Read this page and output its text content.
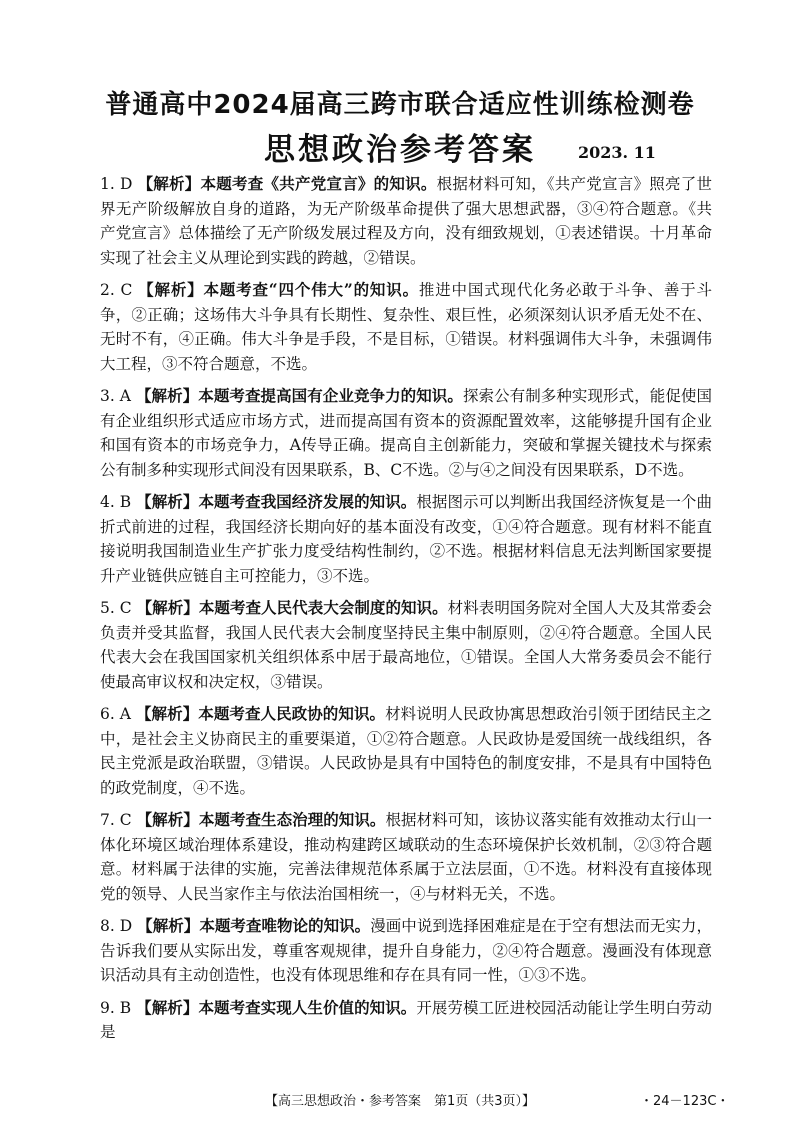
普通高中2024届高三跨市联合适应性训练检测卷
思想政治参考答案	2023. 11

1. D 【解析】本题考查《共产党宣言》的知识。根据材料可知，《共产党宣言》照亮了世界无产阶级解放自身的道路，为无产阶级革命提供了强大思想武器，③④符合题意。《共产党宣言》总体描绘了无产阶级发展过程及方向，没有细致规划，①表述错误。十月革命实现了社会主义从理论到实践的跨越，②错误。

2. C 【解析】本题考查“四个伟大”的知识。推进中国式现代化务必敢于斗争、善于斗争，②正确；这场伟大斗争具有长期性、复杂性、艰巨性，必须深刻认识矛盾无处不在、无时不有，④正确。伟大斗争是手段，不是目标，①错误。材料强调伟大斗争，未强调伟大工程，③不符合题意，不选。

3. A 【解析】本题考查提高国有企业竞争力的知识。探索公有制多种实现形式，能促使国有企业组织形式适应市场方式，进而提高国有资本的资源配置效率，这能够提升国有企业和国有资本的市场竞争力，A传导正确。提高自主创新能力，突破和掌握关键技术与探索公有制多种实现形式间没有因果联系，B、C不选。②与④之间没有因果联系，D不选。

4. B 【解析】本题考查我国经济发展的知识。根据图示可以判断出我国经济恢复是一个曲折式前进的过程，我国经济长期向好的基本面没有改变，①④符合题意。现有材料不能直接说明我国制造业生产扩张力度受结构性制约，②不选。根据材料信息无法判断国家要提升产业链供应链自主可控能力，③不选。

5. C 【解析】本题考查人民代表大会制度的知识。材料表明国务院对全国人大及其常委会负责并受其监督，我国人民代表大会制度坚持民主集中制原则，②④符合题意。全国人民代表大会在我国国家机关组织体系中居于最高地位，①错误。全国人大常务委员会不能行使最高审议权和决定权，③错误。

6. A 【解析】本题考查人民政协的知识。材料说明人民政协寓思想政治引领于团结民主之中，是社会主义协商民主的重要渠道，①②符合题意。人民政协是爱国统一战线组织，各民主党派是政治联盟，③错误。人民政协是具有中国特色的制度安排，不是具有中国特色的政党制度，④不选。

7. C 【解析】本题考查生态治理的知识。根据材料可知，该协议落实能有效推动太行山一体化环境区域治理体系建设，推动构建跨区域联动的生态环境保护长效机制，②③符合题意。材料属于法律的实施，完善法律规范体系属于立法层面，①不选。材料没有直接体现党的领导、人民当家作主与依法治国相统一，④与材料无关，不选。

8. D 【解析】本题考查唯物论的知识。漫画中说到选择困难症是在于空有想法而无实力，告诉我们要从实际出发，尊重客观规律，提升自身能力，②④符合题意。漫画没有体现意识活动具有主动创造性，也没有体现思维和存在具有同一性，①③不选。

9. B 【解析】本题考查实现人生价值的知识。开展劳模工匠进校园活动能让学生明白劳动是

【高三思想政治・参考答案　第1页（共3页）】	・24－123C・
